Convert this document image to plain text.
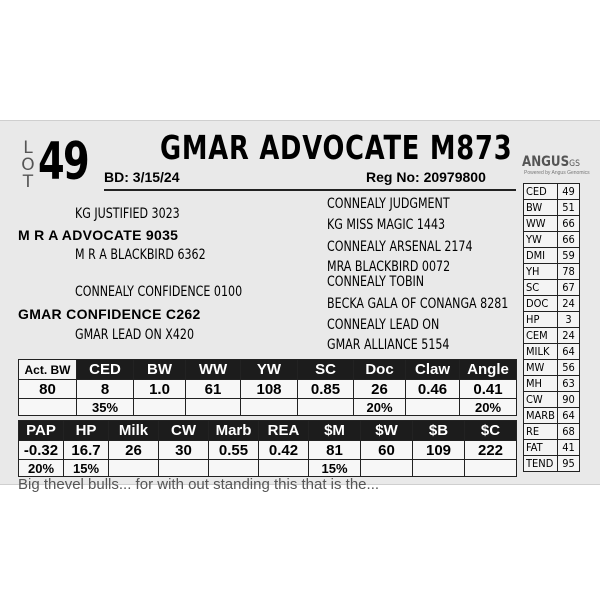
L
O
T 49 GMAR ADVOCATE M873
BD: 3/15/24	Reg No: 20979800
ANGUSGS
Powered by Angus Genomics
KG JUSTIFIED 3023
M R A ADVOCATE 9035
M R A BLACKBIRD 6362
CONNEALY CONFIDENCE 0100
GMAR CONFIDENCE C262
GMAR LEAD ON X420
CONNEALY JUDGMENT
KG MISS MAGIC 1443
CONNEALY ARSENAL 2174
MRA BLACKBIRD 0072
CONNEALY TOBIN
BECKA GALA OF CONANGA 8281
CONNEALY LEAD ON
GMAR ALLIANCE 5154
CED	49
BW	51
WW	66
YW	66
DMI	59
YH	78
SC	67
DOC	24
HP	3
CEM	24
MILK	64
MW	56
MH	63
CW	90
MARB	64
RE	68
FAT	41
TEND	95
Act. BW	CED	BW	WW	YW	SC	Doc	Claw	Angle
80	8	1.0	61	108	0.85	26	0.46	0.41
	35%					20%		20%
PAP	HP	Milk	CW	Marb	REA	$M	$W	$B	$C
-0.32	16.7	26	30	0.55	0.42	81	60	109	222
20%	15%					15%			
Big thevel bulls... for with out standing this that is the...
